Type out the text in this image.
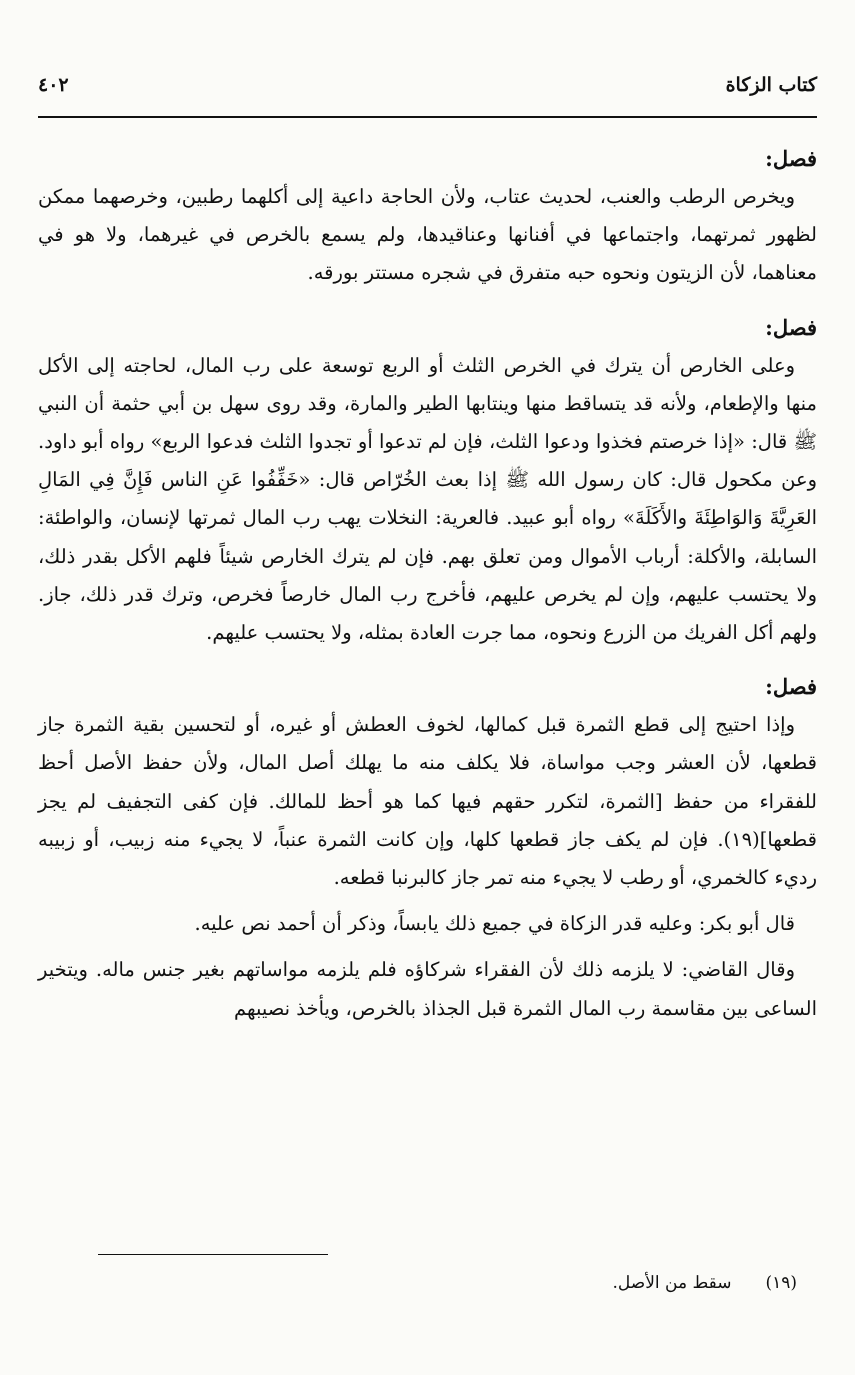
كتاب الزكاة
٤٠٢
فصل:

ويخرص الرطب والعنب، لحديث عتاب، ولأن الحاجة داعية إلى أكلهما رطبين، وخرصهما ممكن لظهور ثمرتهما، واجتماعها في أفنانها وعناقيدها، ولم يسمع بالخرص في غيرهما، ولا هو في معناهما، لأن الزيتون ونحوه حبه متفرق في شجره مستتر بورقه.

فصل:

وعلى الخارص أن يترك في الخرص الثلث أو الربع توسعة على رب المال، لحاجته إلى الأكل منها والإطعام، ولأنه قد يتساقط منها وينتابها الطير والمارة، وقد روى سهل بن أبي حثمة أن النبي ﷺ قال: «إذا خرصتم فخذوا ودعوا الثلث، فإن لم تدعوا أو تجدوا الثلث فدعوا الربع» رواه أبو داود. وعن مكحول قال: كان رسول الله ﷺ إذا بعث الخُرّاص قال: «خَفِّفُوا عَنِ الناس فَإِنَّ فِي المَالِ العَرِيَّةَ وَالوَاطِئَةَ والأَكَلَةَ» رواه أبو عبيد. فالعرية: النخلات يهب رب المال ثمرتها لإنسان، والواطئة: السابلة، والأكلة: أرباب الأموال ومن تعلق بهم. فإن لم يترك الخارص شيئاً فلهم الأكل بقدر ذلك، ولا يحتسب عليهم، وإن لم يخرص عليهم، فأخرج رب المال خارصاً فخرص، وترك قدر ذلك، جاز. ولهم أكل الفريك من الزرع ونحوه، مما جرت العادة بمثله، ولا يحتسب عليهم.

فصل:

وإذا احتيج إلى قطع الثمرة قبل كمالها، لخوف العطش أو غيره، أو لتحسين بقية الثمرة جاز قطعها، لأن العشر وجب مواساة، فلا يكلف منه ما يهلك أصل المال، ولأن حفظ الأصل أحظ للفقراء من حفظ [الثمرة، لتكرر حقهم فيها كما هو أحظ للمالك. فإن كفى التجفيف لم يجز قطعها](١٩). فإن لم يكف جاز قطعها كلها، وإن كانت الثمرة عنباً، لا يجيء منه زبيب، أو زبيبه رديء كالخمري، أو رطب لا يجيء منه تمر جاز كالبرنبا قطعه.

قال أبو بكر: وعليه قدر الزكاة في جميع ذلك يابساً، وذكر أن أحمد نص عليه.

وقال القاضي: لا يلزمه ذلك لأن الفقراء شركاؤه فلم يلزمه مواساتهم بغير جنس ماله. ويتخير الساعى بين مقاسمة رب المال الثمرة قبل الجذاذ بالخرص، ويأخذ نصيبهم

(١٩)
سقط من الأصل.
